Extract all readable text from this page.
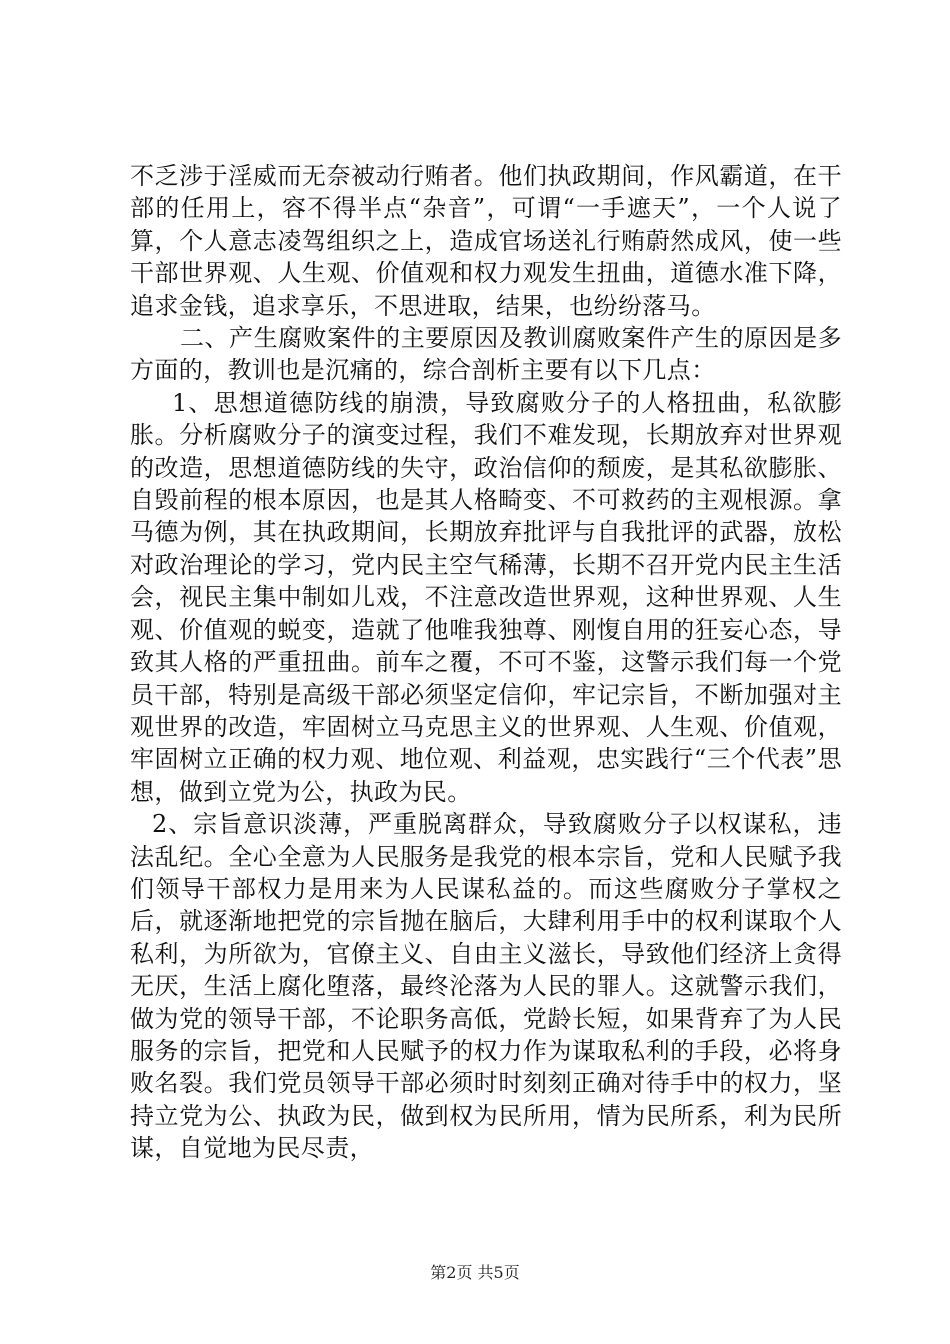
不乏涉于淫威而无奈被动行贿者。他们执政期间，作风霸道，在干部的任用上，容不得半点“杂音”，可谓“一手遮天”，一个人说了算，个人意志凌驾组织之上，造成官场送礼行贿蔚然成风，使一些干部世界观、人生观、价值观和权力观发生扭曲，道德水准下降，追求金钱，追求享乐，不思进取，结果，也纷纷落马。

二、产生腐败案件的主要原因及教训腐败案件产生的原因是多方面的，教训也是沉痛的，综合剖析主要有以下几点：

1、思想道德防线的崩溃，导致腐败分子的人格扭曲，私欲膨胀。分析腐败分子的演变过程，我们不难发现，长期放弃对世界观的改造，思想道德防线的失守，政治信仰的颓废，是其私欲膨胀、自毁前程的根本原因，也是其人格畸变、不可救药的主观根源。拿马德为例，其在执政期间，长期放弃批评与自我批评的武器，放松对政治理论的学习，党内民主空气稀薄，长期不召开党内民主生活会，视民主集中制如儿戏，不注意改造世界观，这种世界观、人生观、价值观的蜕变，造就了他唯我独尊、刚愎自用的狂妄心态，导致其人格的严重扭曲。前车之覆，不可不鉴，这警示我们每一个党员干部，特别是高级干部必须坚定信仰，牢记宗旨，不断加强对主观世界的改造，牢固树立马克思主义的世界观、人生观、价值观，牢固树立正确的权力观、地位观、利益观，忠实践行“三个代表”思想，做到立党为公，执政为民。

2、宗旨意识淡薄，严重脱离群众，导致腐败分子以权谋私，违法乱纪。全心全意为人民服务是我党的根本宗旨，党和人民赋予我们领导干部权力是用来为人民谋私益的。而这些腐败分子掌权之后，就逐渐地把党的宗旨抛在脑后，大肆利用手中的权利谋取个人私利，为所欲为，官僚主义、自由主义滋长，导致他们经济上贪得无厌，生活上腐化堕落，最终沦落为人民的罪人。这就警示我们，做为党的领导干部，不论职务高低，党龄长短，如果背弃了为人民服务的宗旨，把党和人民赋予的权力作为谋取私利的手段，必将身败名裂。我们党员领导干部必须时时刻刻正确对待手中的权力，坚持立党为公、执政为民，做到权为民所用，情为民所系，利为民所谋，自觉地为民尽责，

第2页 共5页
